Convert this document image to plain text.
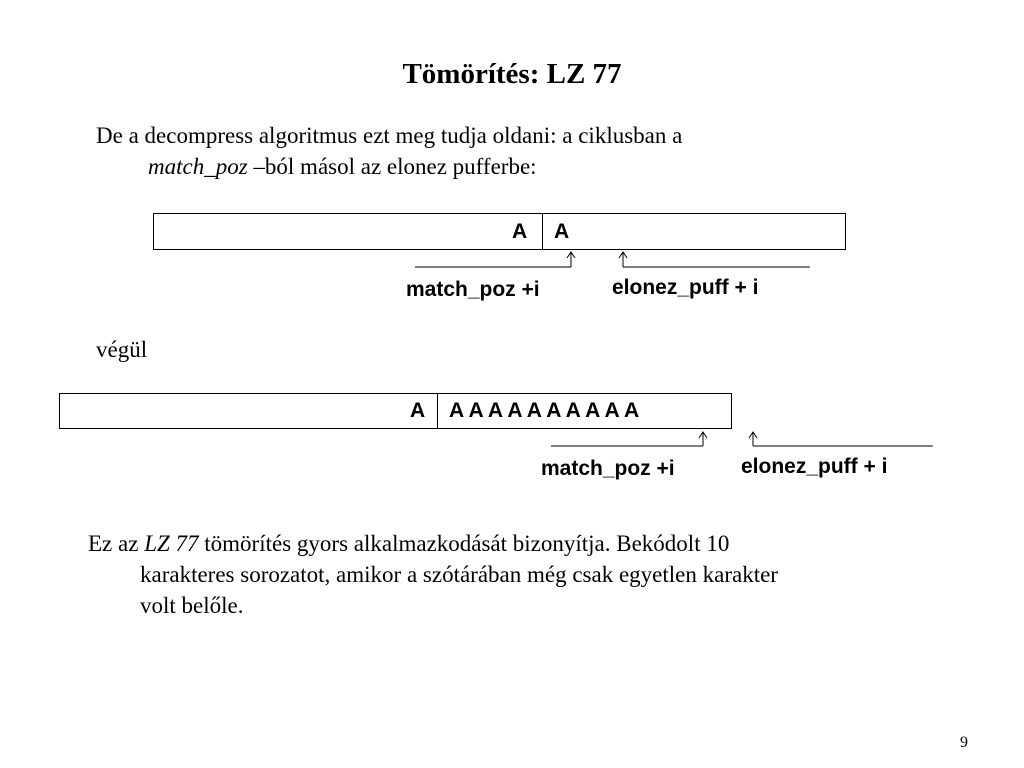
Tömörítés: LZ 77
De a decompress algoritmus ezt meg tudja oldani: a ciklusban a
match_poz –ból másol az elonez pufferbe:
A A
match_poz +i	elonez_puff + i
végül
A A A A A A A A A A A
match_poz +i	elonez_puff + i
Ez az LZ 77 tömörítés gyors alkalmazkodását bizonyítja. Bekódolt 10
karakteres sorozatot, amikor a szótárában még csak egyetlen karakter
volt belőle.
9
